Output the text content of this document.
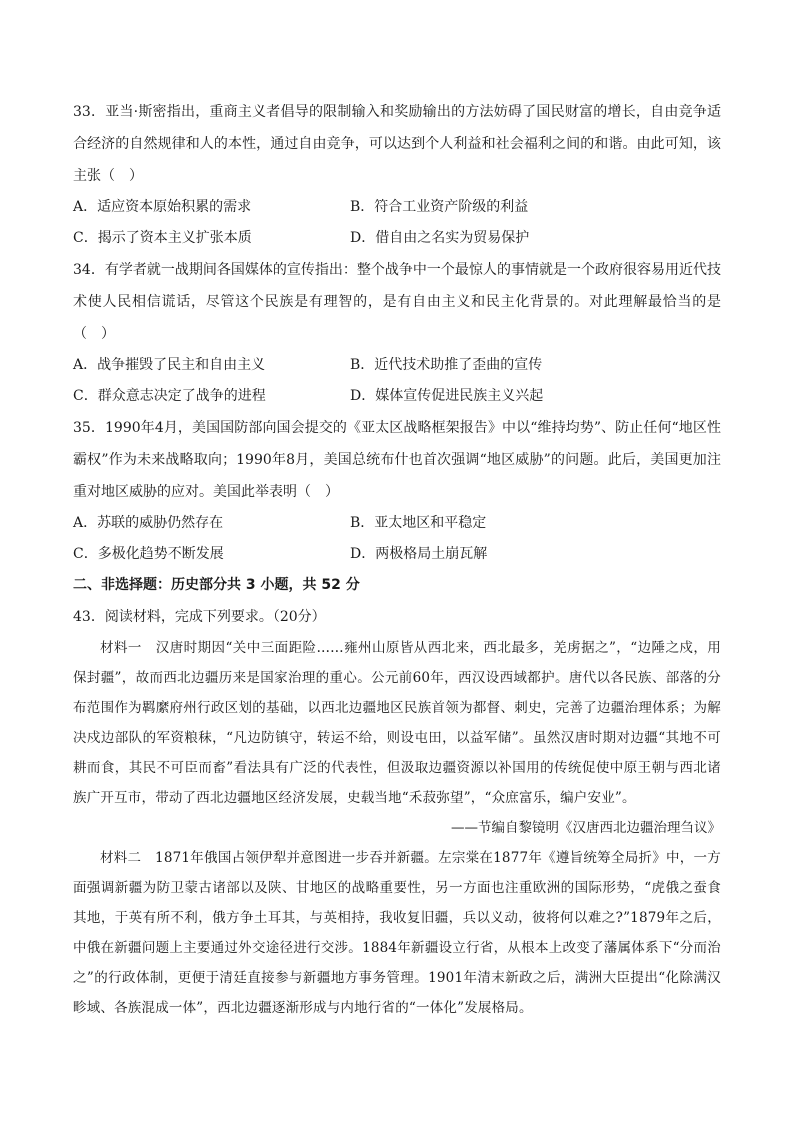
33．亚当·斯密指出，重商主义者倡导的限制输入和奖励输出的方法妨碍了国民财富的增长，自由竞争适合经济的自然规律和人的本性，通过自由竞争，可以达到个人利益和社会福利之间的和谐。由此可知，该主张（　）

A．适应资本原始积累的需求	B．符合工业资产阶级的利益
C．揭示了资本主义扩张本质	D．借自由之名实为贸易保护

34．有学者就一战期间各国媒体的宣传指出：整个战争中一个最惊人的事情就是一个政府很容易用近代技术使人民相信谎话，尽管这个民族是有理智的，是有自由主义和民主化背景的。对此理解最恰当的是（　）

A．战争摧毁了民主和自由主义	B．近代技术助推了歪曲的宣传
C．群众意志决定了战争的进程	D．媒体宣传促进民族主义兴起

35．1990年4月，美国国防部向国会提交的《亚太区战略框架报告》中以“维持均势”、防止任何“地区性霸权”作为未来战略取向；1990年8月，美国总统布什也首次强调“地区威胁”的问题。此后，美国更加注重对地区威胁的应对。美国此举表明（　）

A．苏联的威胁仍然存在	B．亚太地区和平稳定
C．多极化趋势不断发展	D．两极格局土崩瓦解
二、非选择题：历史部分共 3 小题，共 52 分
43．阅读材料，完成下列要求。（20分）

材料一　汉唐时期因“关中三面距险……雍州山原皆从西北来，西北最多，羌虏据之”，“边陲之戍，用保封疆”，故而西北边疆历来是国家治理的重心。公元前60年，西汉设西域都护。唐代以各民族、部落的分布范围作为羁縻府州行政区划的基础，以西北边疆地区民族首领为都督、刺史，完善了边疆治理体系；为解决戍边部队的军资粮秣，“凡边防镇守，转运不给，则设屯田，以益军储”。虽然汉唐时期对边疆“其地不可耕而食，其民不可臣而畜”看法具有广泛的代表性，但汲取边疆资源以补国用的传统促使中原王朝与西北诸族广开互市，带动了西北边疆地区经济发展，史载当地“禾菽弥望”，“众庶富乐，编户安业”。

——节编自黎镜明《汉唐西北边疆治理刍议》

材料二　1871年俄国占领伊犁并意图进一步吞并新疆。左宗棠在1877年《遵旨统筹全局折》中，一方面强调新疆为防卫蒙古诸部以及陕、甘地区的战略重要性，另一方面也注重欧洲的国际形势，“虎俄之蚕食其地，于英有所不利，俄方争土耳其，与英相持，我收复旧疆，兵以义动，彼将何以难之?”1879年之后，中俄在新疆问题上主要通过外交途径进行交涉。1884年新疆设立行省，从根本上改变了藩属体系下“分而治之”的行政体制，更便于清廷直接参与新疆地方事务管理。1901年清末新政之后，满洲大臣提出“化除满汉畛域、各族混成一体”，西北边疆逐渐形成与内地行省的“一体化”发展格局。
